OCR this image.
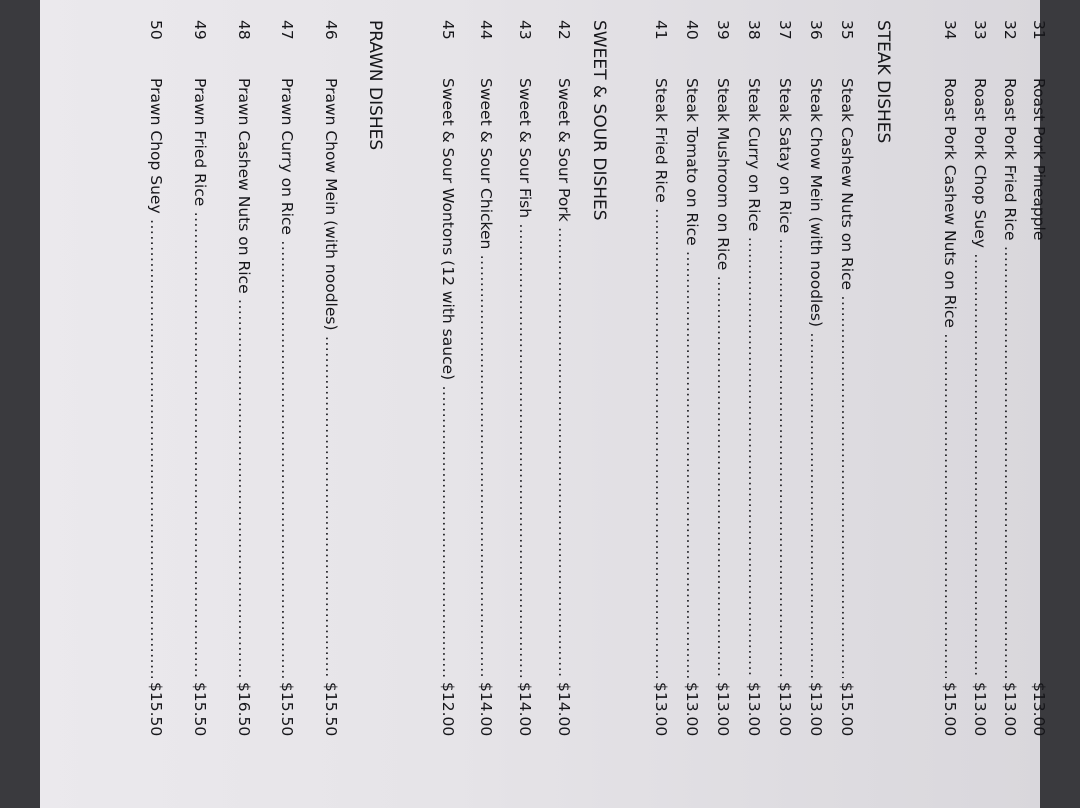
31
Roast Pork Pineapple
$13.00
32
Roast Pork Fried Rice .....
$13.00
33
Roast Pork Chop Suey .....
$13.00
34
Roast Pork Cashew Nuts on Rice .....
$15.00
STEAK DISHES
35
Steak Cashew Nuts on Rice .....
$15.00
36
Steak Chow Mein (with noodles) .....
$13.00
37
Steak Satay on Rice .....
$13.00
38
Steak Curry on Rice .....
$13.00
39
Steak Mushroom on Rice .....
$13.00
40
Steak Tomato on Rice .....
$13.00
41
Steak Fried Rice .....
$13.00
SWEET & SOUR DISHES
42
Sweet & Sour Pork .....
$14.00
43
Sweet & Sour Fish .....
$14.00
44
Sweet & Sour Chicken .....
$14.00
45
Sweet & Sour Wontons (12 with sauce) .....
$12.00
PRAWN DISHES
46
Prawn Chow Mein (with noodles) .....
$15.50
47
Prawn Curry on Rice .....
$15.50
48
Prawn Cashew Nuts on Rice .....
$16.50
49
Prawn Fried Rice .....
$15.50
50
Prawn Chop Suey .....
$15.50
